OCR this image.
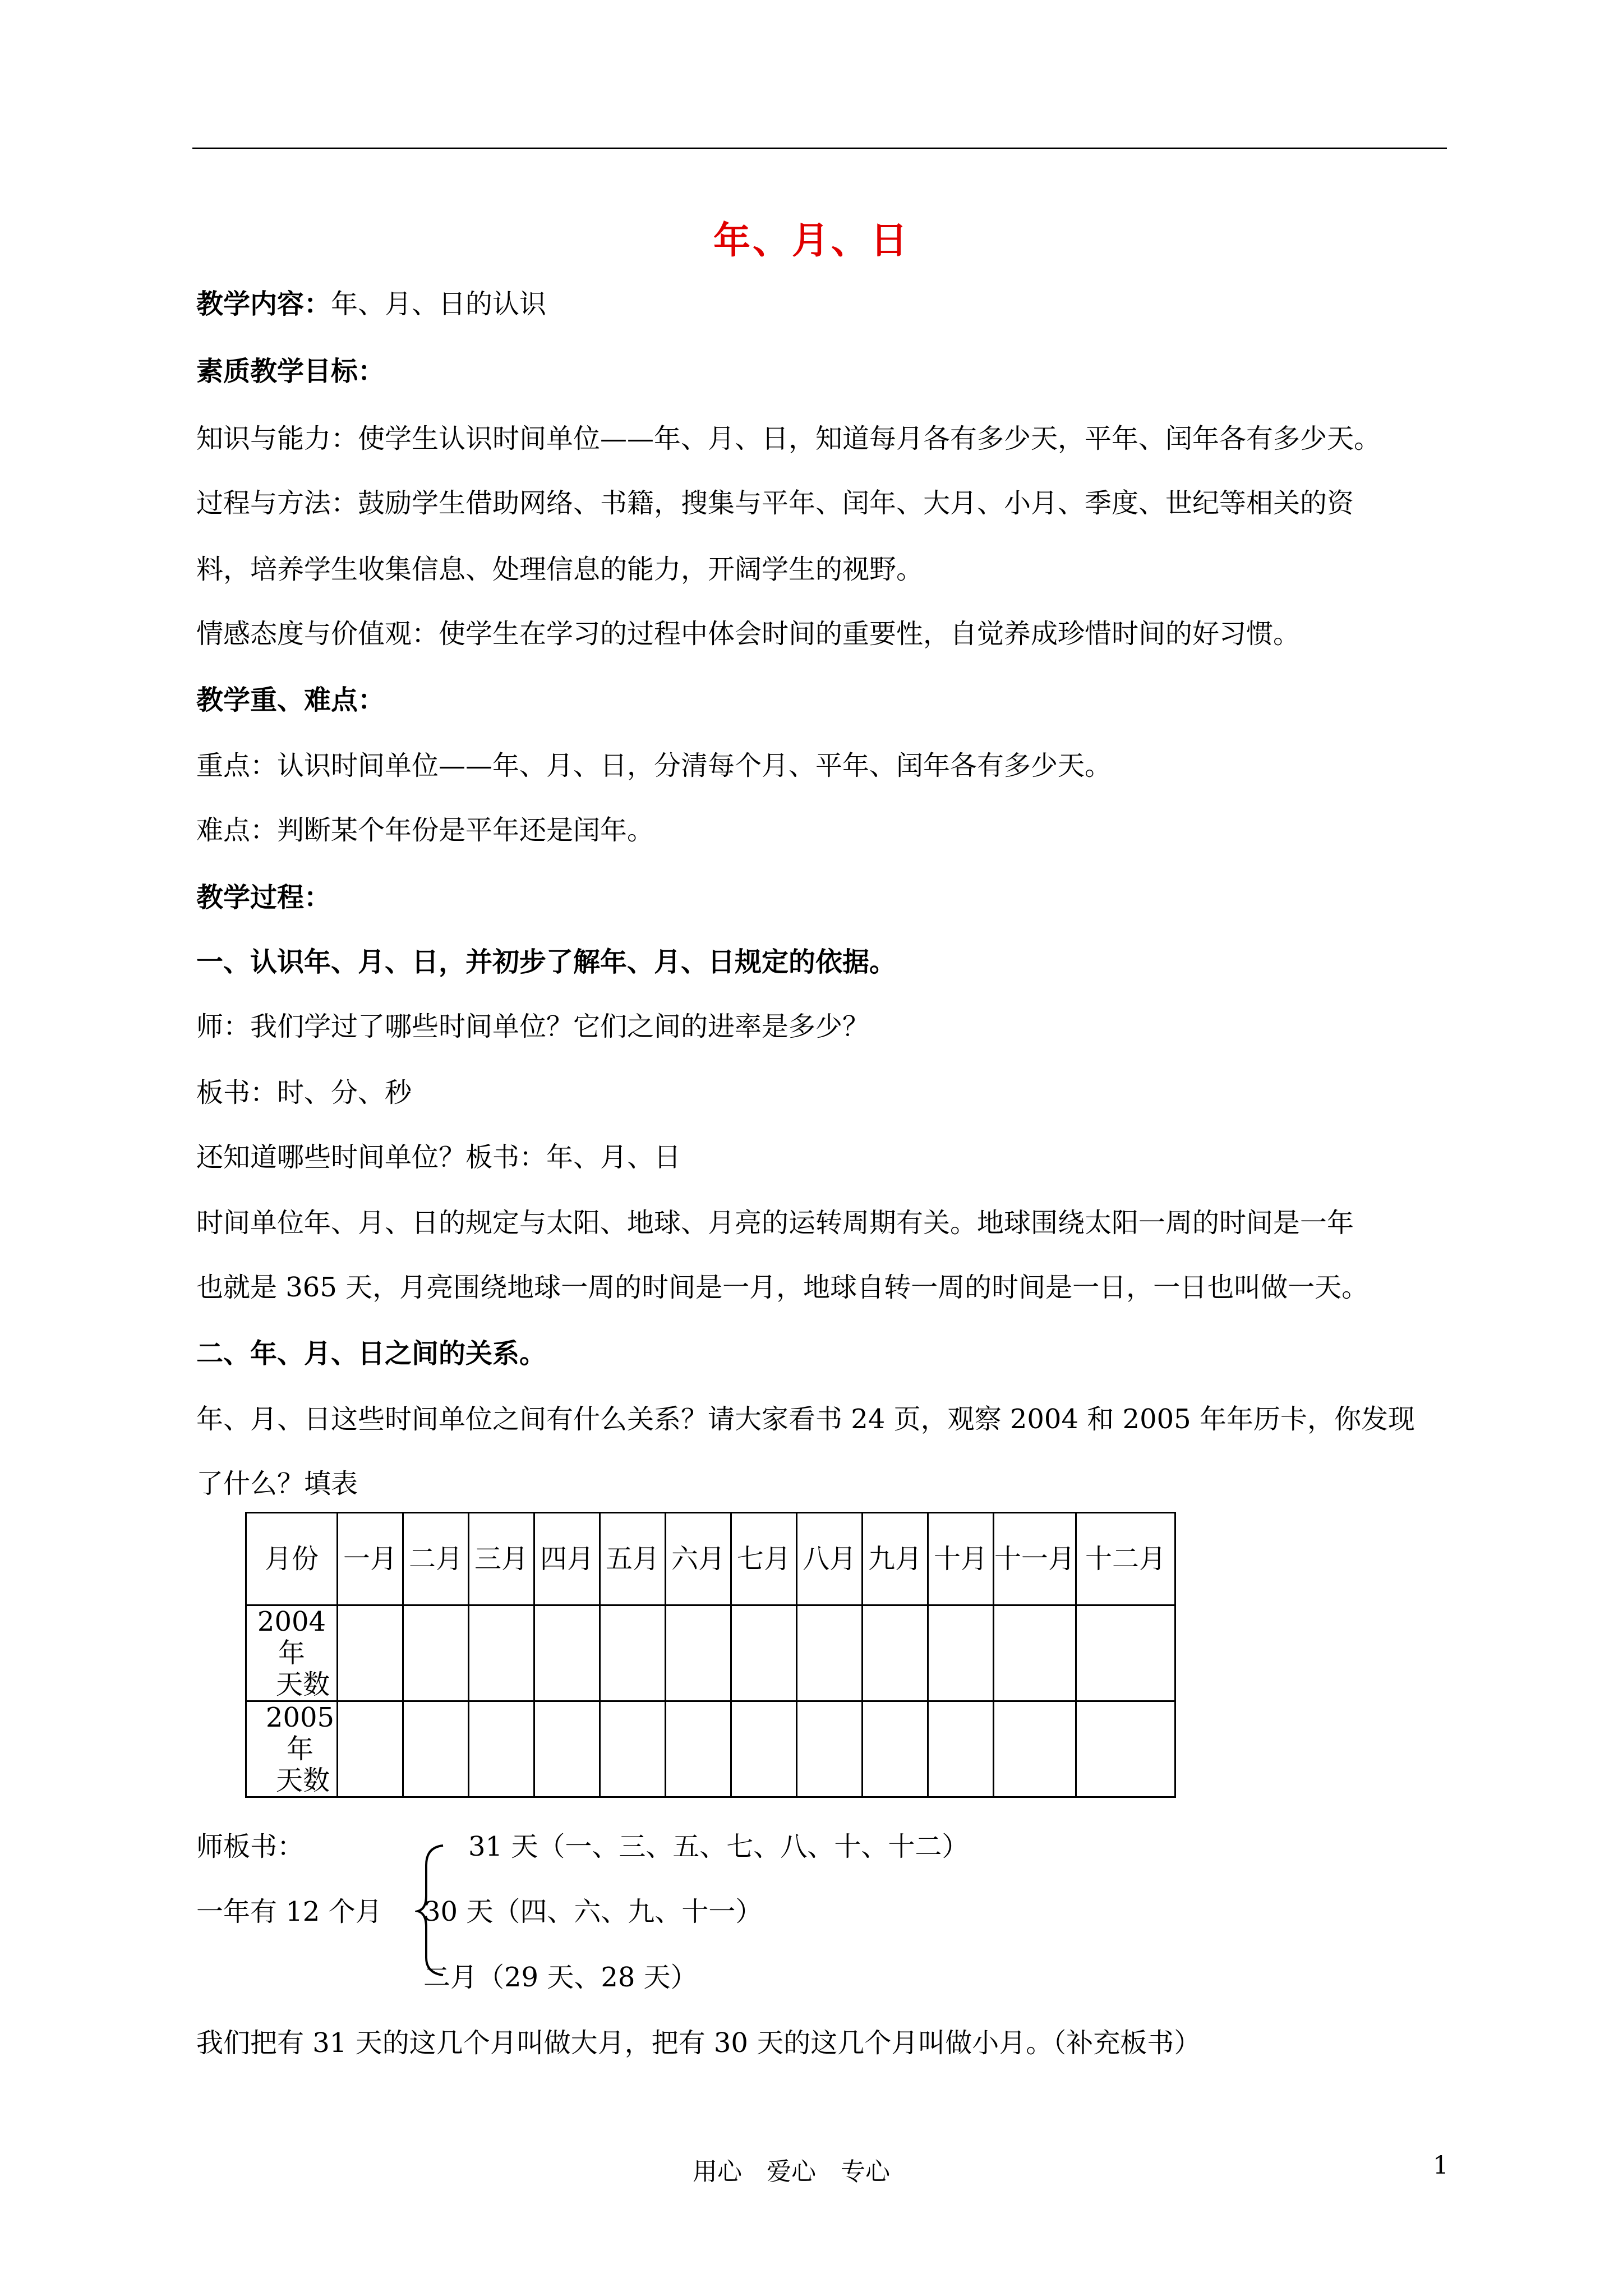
年、月、日
教学内容：年、月、日的认识
素质教学目标：
知识与能力：使学生认识时间单位——年、月、日，知道每月各有多少天，平年、闰年各有多少天。
过程与方法：鼓励学生借助网络、书籍，搜集与平年、闰年、大月、小月、季度、世纪等相关的资
料，培养学生收集信息、处理信息的能力，开阔学生的视野。
情感态度与价值观：使学生在学习的过程中体会时间的重要性，自觉养成珍惜时间的好习惯。
教学重、难点：
重点：认识时间单位——年、月、日，分清每个月、平年、闰年各有多少天。
难点：判断某个年份是平年还是闰年。
教学过程：
一、认识年、月、日，并初步了解年、月、日规定的依据。
师：我们学过了哪些时间单位？它们之间的进率是多少？
板书：时、分、秒
还知道哪些时间单位？板书：年、月、日
时间单位年、月、日的规定与太阳、地球、月亮的运转周期有关。地球围绕太阳一周的时间是一年
也就是 365 天，月亮围绕地球一周的时间是一月，地球自转一周的时间是一日，一日也叫做一天。
二、年、月、日之间的关系。
年、月、日这些时间单位之间有什么关系？请大家看书 24 页，观察 2004 和 2005 年年历卡，你发现
了什么？填表
月份	一月	二月	三月	四月	五月	六月	七月	八月	九月	十月	十一月	十二月

2004 年
天数												

2005 年
天数												

师板书：
一年有 12 个月
31 天（一、三、五、七、八、十、十二）
30 天（四、六、九、十一）
二月（29 天、28 天）
我们把有 31 天的这几个月叫做大月，把有 30 天的这几个月叫做小月。（补充板书）
用心　爱心　专心	1
